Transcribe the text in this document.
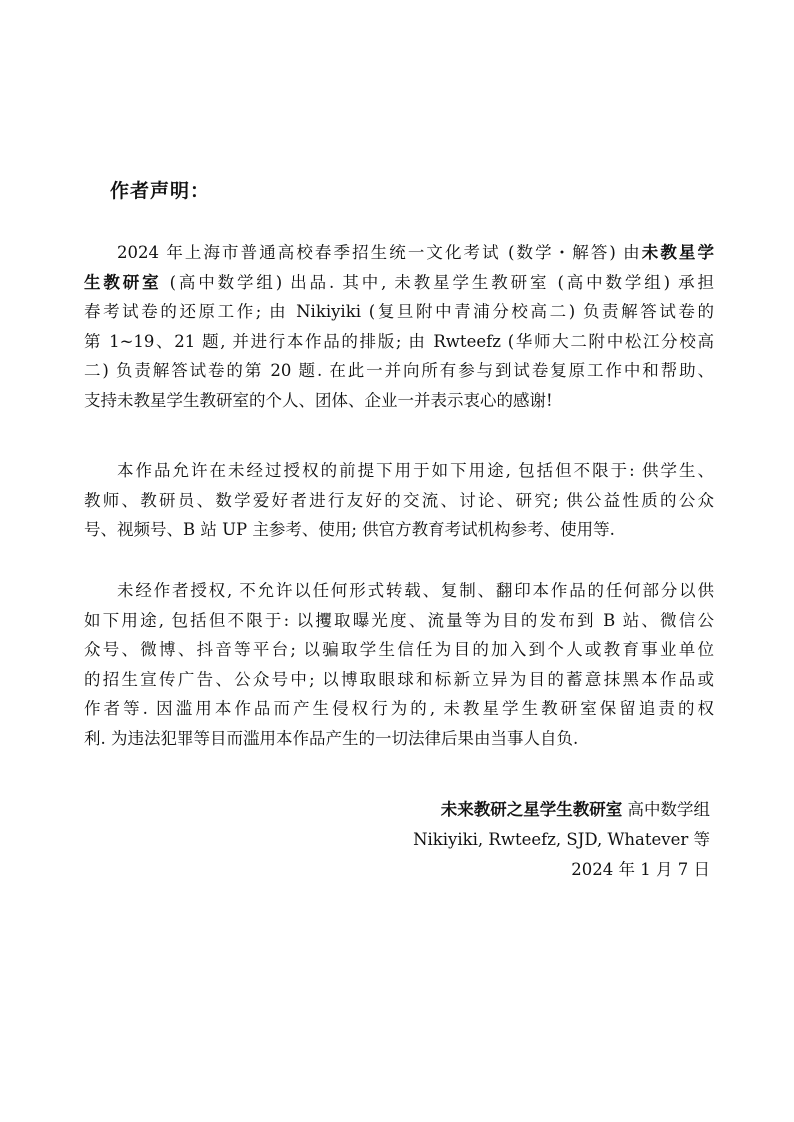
作者声明：
2024 年上海市普通高校春季招生统一文化考试 (数学・解答) 由未教星学
生教研室 (高中数学组) 出品. 其中, 未教星学生教研室 (高中数学组) 承担
春考试卷的还原工作; 由 Nikiyiki (复旦附中青浦分校高二) 负责解答试卷的
第 1~19、21 题, 并进行本作品的排版; 由 Rwteefz (华师大二附中松江分校高
二) 负责解答试卷的第 20 题. 在此一并向所有参与到试卷复原工作中和帮助、
支持未教星学生教研室的个人、团体、企业一并表示衷心的感谢!
本作品允许在未经过授权的前提下用于如下用途, 包括但不限于: 供学生、
教师、教研员、数学爱好者进行友好的交流、讨论、研究; 供公益性质的公众
号、视频号、B 站 UP 主参考、使用; 供官方教育考试机构参考、使用等.
未经作者授权, 不允许以任何形式转载、复制、翻印本作品的任何部分以供
如下用途, 包括但不限于: 以攫取曝光度、流量等为目的发布到 B 站、微信公
众号、微博、抖音等平台; 以骗取学生信任为目的加入到个人或教育事业单位
的招生宣传广告、公众号中; 以博取眼球和标新立异为目的蓄意抹黑本作品或
作者等. 因滥用本作品而产生侵权行为的, 未教星学生教研室保留追责的权
利. 为违法犯罪等目而滥用本作品产生的一切法律后果由当事人自负.

未来教研之星学生教研室 高中数学组

Nikiyiki, Rwteefz, SJD, Whatever 等

2024 年 1 月 7 日
